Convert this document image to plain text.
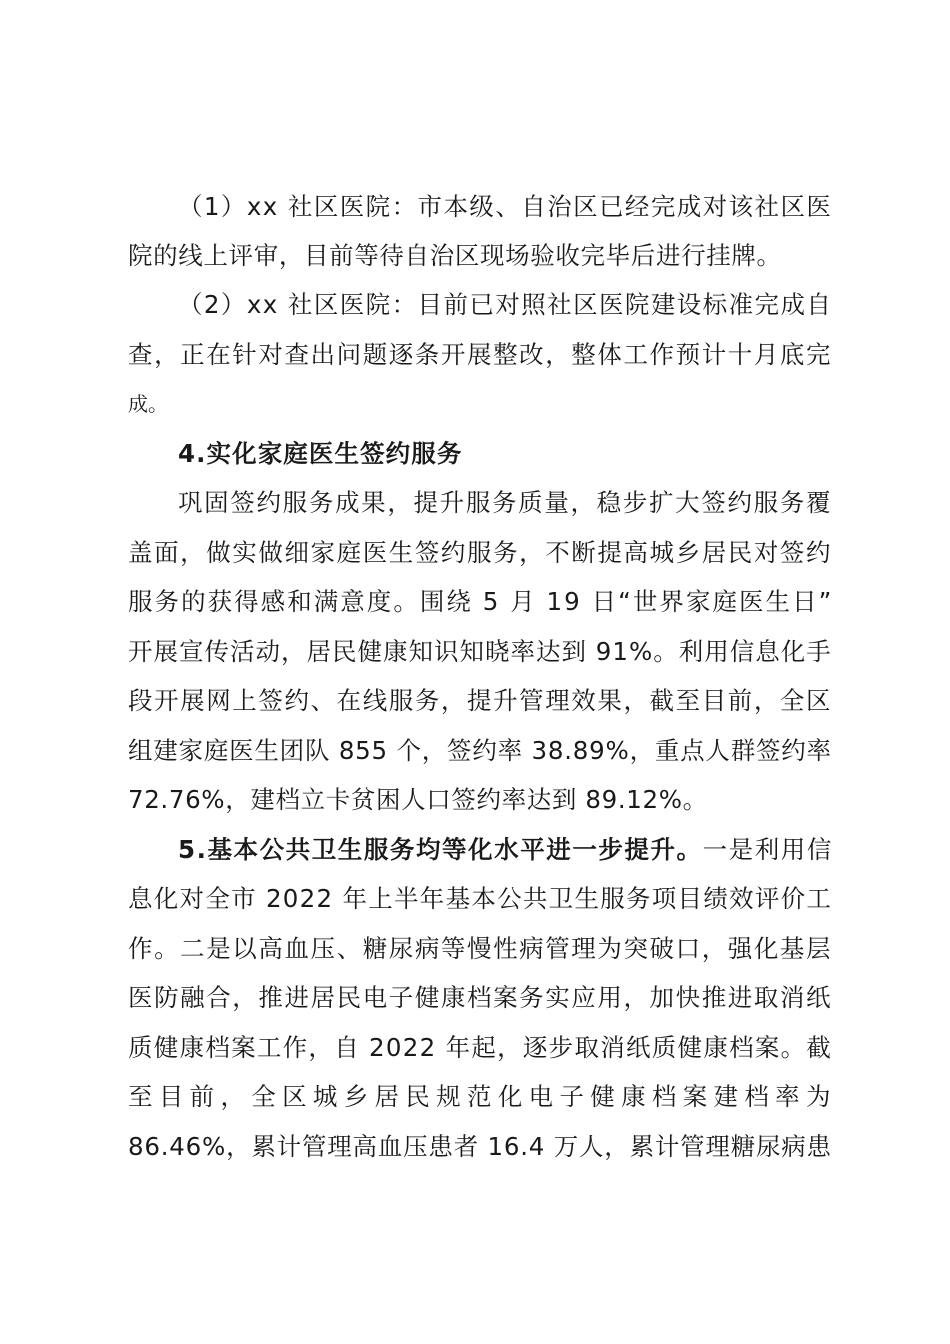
（1）xx 社区医院：市本级、自治区已经完成对该社区医
院的线上评审，目前等待自治区现场验收完毕后进行挂牌。
（2）xx 社区医院：目前已对照社区医院建设标准完成自
查，正在针对查出问题逐条开展整改，整体工作预计十月底完
成。
4.实化家庭医生签约服务
巩固签约服务成果，提升服务质量，稳步扩大签约服务覆
盖面，做实做细家庭医生签约服务，不断提高城乡居民对签约
服务的获得感和满意度。围绕 5 月 19 日“世界家庭医生日”
开展宣传活动，居民健康知识知晓率达到 91%。利用信息化手
段开展网上签约、在线服务，提升管理效果，截至目前，全区
组建家庭医生团队 855 个，签约率 38.89%，重点人群签约率
72.76%，建档立卡贫困人口签约率达到 89.12%。
5.基本公共卫生服务均等化水平进一步提升。一是利用信
息化对全市 2022 年上半年基本公共卫生服务项目绩效评价工
作。二是以高血压、糖尿病等慢性病管理为突破口，强化基层
医防融合，推进居民电子健康档案务实应用，加快推进取消纸
质健康档案工作，自 2022 年起，逐步取消纸质健康档案。截
至目前，全区城乡居民规范化电子健康档案建档率为
86.46%，累计管理高血压患者 16.4 万人，累计管理糖尿病患
